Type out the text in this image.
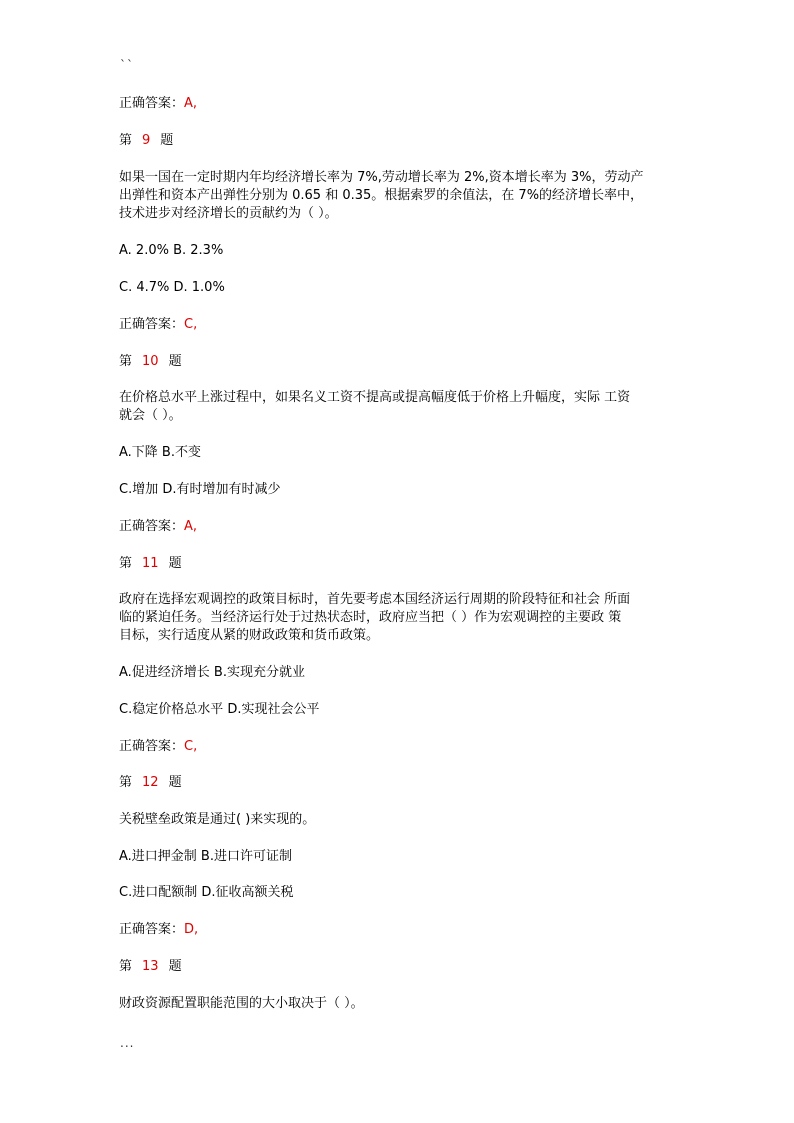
``
正确答案：A,
第 9 题
如果一国在一定时期内年均经济增长率为 7%,劳动增长率为 2%,资本增长率为 3%，劳动产
出弹性和资本产出弹性分别为 0.65 和 0.35。根据索罗的余值法，在 7%的经济增长率中，
技术进步对经济增长的贡献约为（ ）。
A. 2.0% B. 2.3%
C. 4.7% D. 1.0%
正确答案：C,
第 10 题
在价格总水平上涨过程中，如果名义工资不提高或提高幅度低于价格上升幅度，实际 工资
就会（ ）。
A.下降 B.不变
C.增加 D.有时增加有时减少
正确答案：A,
第 11 题
政府在选择宏观调控的政策目标时，首先要考虑本国经济运行周期的阶段特征和社会 所面
临的紧迫任务。当经济运行处于过热状态时，政府应当把（ ）作为宏观调控的主要政 策
目标，实行适度从紧的财政政策和货币政策。
A.促进经济增长 B.实现充分就业
C.稳定价格总水平 D.实现社会公平
正确答案：C,
第 12 题
关税壁垒政策是通过( )来实现的。
A.进口押金制 B.进口许可证制
C.进口配额制 D.征收高额关税
正确答案：D,
第 13 题
财政资源配置职能范围的大小取决于（ ）。
...
